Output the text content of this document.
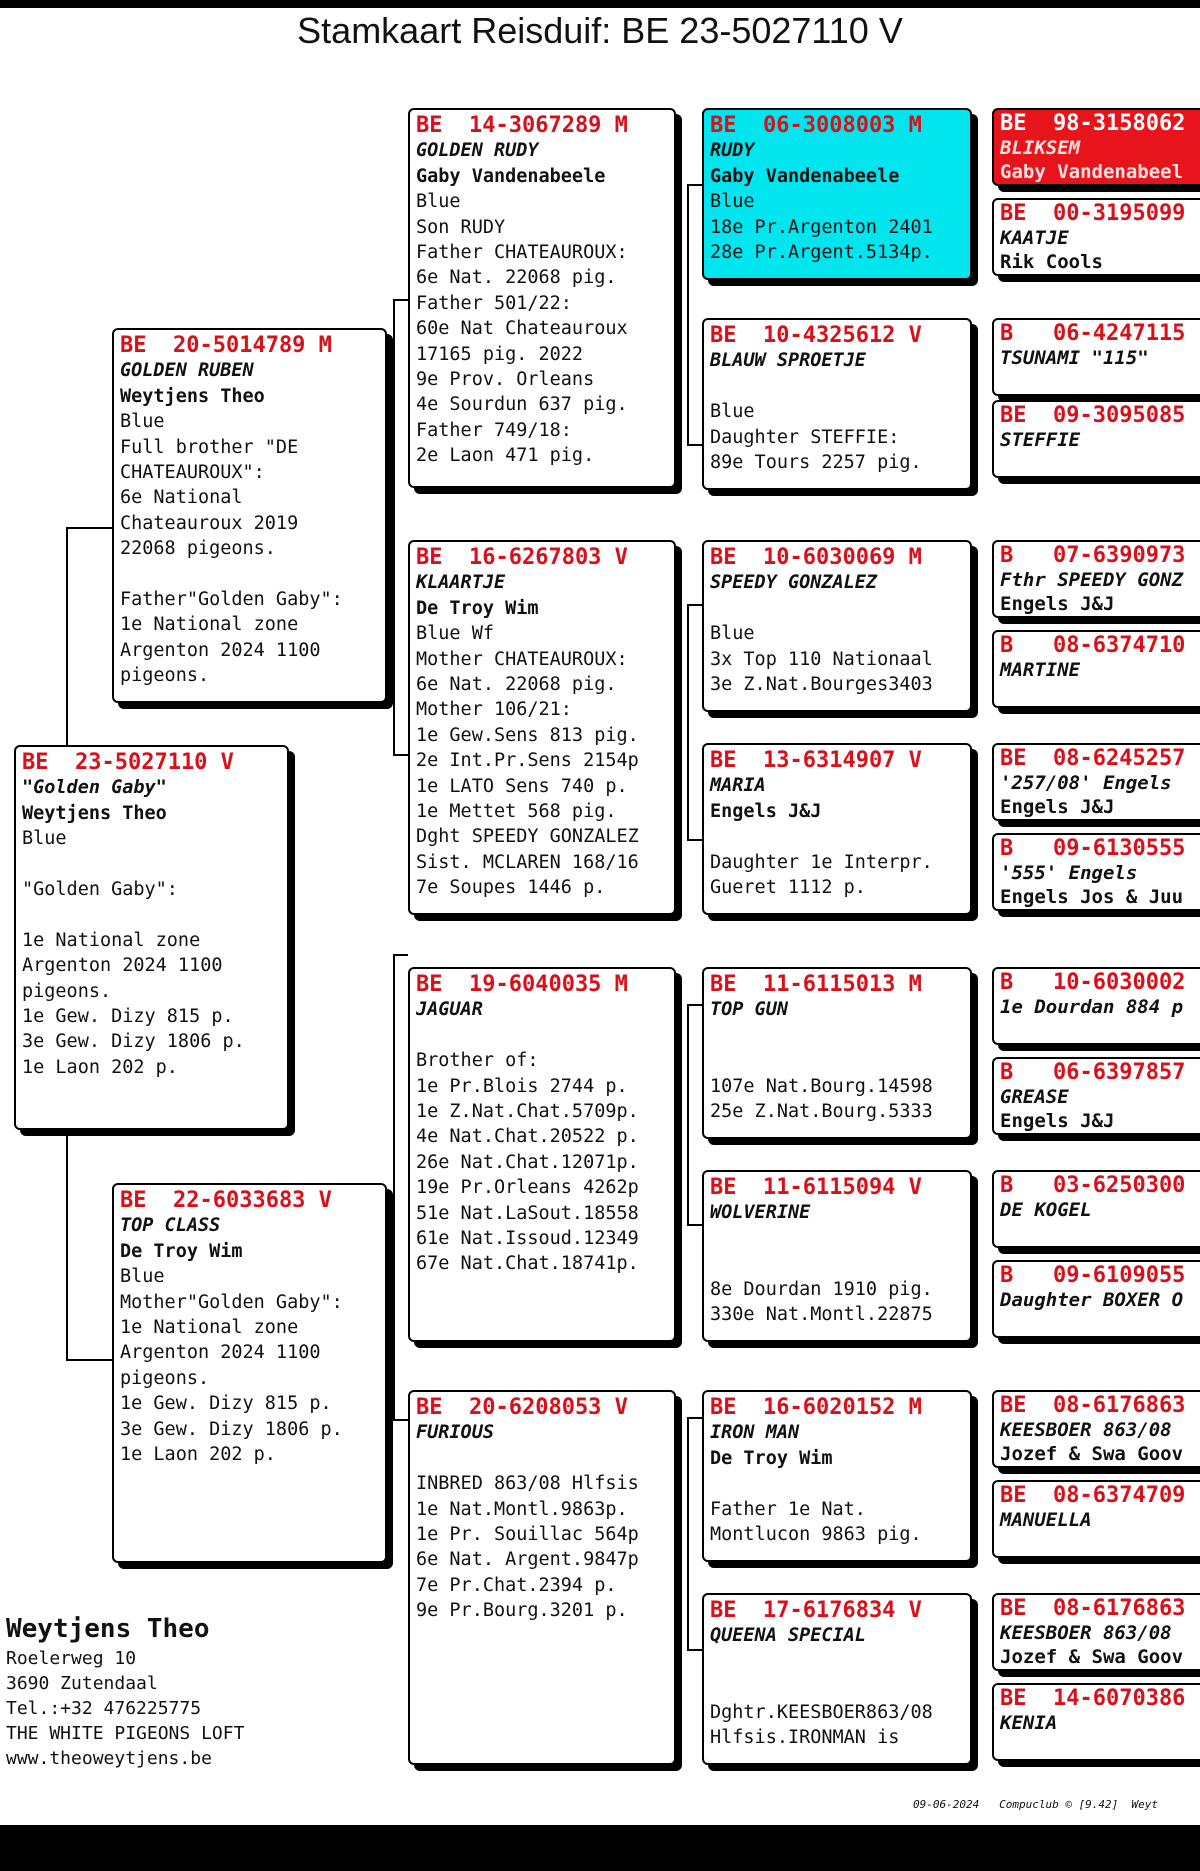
Stamkaart Reisduif: BE 23-5027110 V
BE  23-5027110 V
"Golden Gaby"
Weytjens Theo
Blue
"Golden Gaby":
1e National zone
Argenton 2024 1100
pigeons.
1e Gew. Dizy 815 p.
3e Gew. Dizy 1806 p.
1e Laon 202 p.
BE  20-5014789 M
GOLDEN RUBEN
Weytjens Theo
Blue
Full brother "DE
CHATEAUROUX":
6e National
Chateauroux 2019
22068 pigeons.
Father"Golden Gaby":
1e National zone
Argenton 2024 1100
pigeons.
BE  22-6033683 V
TOP CLASS
De Troy Wim
Blue
Mother"Golden Gaby":
1e National zone
Argenton 2024 1100
pigeons.
1e Gew. Dizy 815 p.
3e Gew. Dizy 1806 p.
1e Laon 202 p.
BE  14-3067289 M
GOLDEN RUDY
Gaby Vandenabeele
Blue
Son RUDY
Father CHATEAUROUX:
6e Nat. 22068 pig.
Father 501/22:
60e Nat Chateauroux
17165 pig. 2022
9e Prov. Orleans
4e Sourdun 637 pig.
Father 749/18:
2e Laon 471 pig.
BE  16-6267803 V
KLAARTJE
De Troy Wim
Blue Wf
Mother CHATEAUROUX:
6e Nat. 22068 pig.
Mother 106/21:
1e Gew.Sens 813 pig.
2e Int.Pr.Sens 2154p
1e LATO Sens 740 p.
1e Mettet 568 pig.
Dght SPEEDY GONZALEZ
Sist. MCLAREN 168/16
7e Soupes 1446 p.
BE  19-6040035 M
JAGUAR
Brother of:
1e Pr.Blois 2744 p.
1e Z.Nat.Chat.5709p.
4e Nat.Chat.20522 p.
26e Nat.Chat.12071p.
19e Pr.Orleans 4262p
51e Nat.LaSout.18558
61e Nat.Issoud.12349
67e Nat.Chat.18741p.
BE  20-6208053 V
FURIOUS
INBRED 863/08 Hlfsis
1e Nat.Montl.9863p.
1e Pr. Souillac 564p
6e Nat. Argent.9847p
7e Pr.Chat.2394 p.
9e Pr.Bourg.3201 p.
BE  06-3008003 M
RUDY
Gaby Vandenabeele
Blue
18e Pr.Argenton 2401
28e Pr.Argent.5134p.
BE  10-4325612 V
BLAUW SPROETJE
Blue
Daughter STEFFIE:
89e Tours 2257 pig.
BE  10-6030069 M
SPEEDY GONZALEZ
Blue
3x Top 110 Nationaal
3e Z.Nat.Bourges3403
BE  13-6314907 V
MARIA
Engels J&J
Daughter 1e Interpr.
Gueret 1112 p.
BE  11-6115013 M
TOP GUN
107e Nat.Bourg.14598
25e Z.Nat.Bourg.5333
BE  11-6115094 V
WOLVERINE
8e Dourdan 1910 pig.
330e Nat.Montl.22875
BE  16-6020152 M
IRON MAN
De Troy Wim
Father 1e Nat.
Montlucon 9863 pig.
BE  17-6176834 V
QUEENA SPECIAL
Dghtr.KEESBOER863/08
Hlfsis.IRONMAN is
BE  98-3158062
BLIKSEM
Gaby Vandenabeel
BE  00-3195099
KAATJE
Rik Cools
B   06-4247115
TSUNAMI "115"
BE  09-3095085
STEFFIE
B   07-6390973
Fthr SPEEDY GONZ
Engels J&J
B   08-6374710
MARTINE
BE  08-6245257
'257/08' Engels
Engels J&J
B   09-6130555
'555' Engels
Engels Jos & Juu
B   10-6030002
1e Dourdan 884 p
B   06-6397857
GREASE
Engels J&J
B   03-6250300
DE KOGEL
B   09-6109055
Daughter BOXER O
BE  08-6176863
KEESBOER 863/08
Jozef & Swa Goov
BE  08-6374709
MANUELLA
BE  08-6176863
KEESBOER 863/08
Jozef & Swa Goov
BE  14-6070386
KENIA
Weytjens Theo
Roelerweg 10
3690 Zutendaal
Tel.:+32 476225775
THE WHITE PIGEONS LOFT
www.theoweytjens.be
09-06-2024   Compuclub © [9.42]  Weyt
